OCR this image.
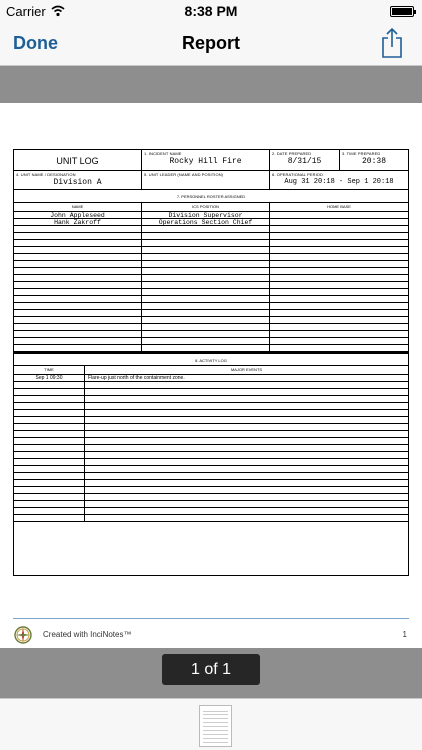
Carrier	8:38 PM
Done	Report
UNIT LOG
1. INCIDENT NAME
Rocky Hill Fire
2. DATE PREPARED
8/31/15
3. TIME PREPARED
20:38
4. UNIT NAME / DESIGNATION
Division A
5. UNIT LEADER (NAME AND POSITION)	6. OPERATIONAL PERIOD
Aug 31 20:18 - Sep 1 20:18
7. PERSONNEL ROSTER ASSIGNED
NAME	ICS POSITION	HOME BASE
John Appleseed	Division Supervisor
Hank Zakroff	Operations Section Chief
8. ACTIVITY LOG
TIME	MAJOR EVENTS
Sep 1 09:30	Flare-up just north of the containment zone.
Created with InciNotes™	1
1 of 1
